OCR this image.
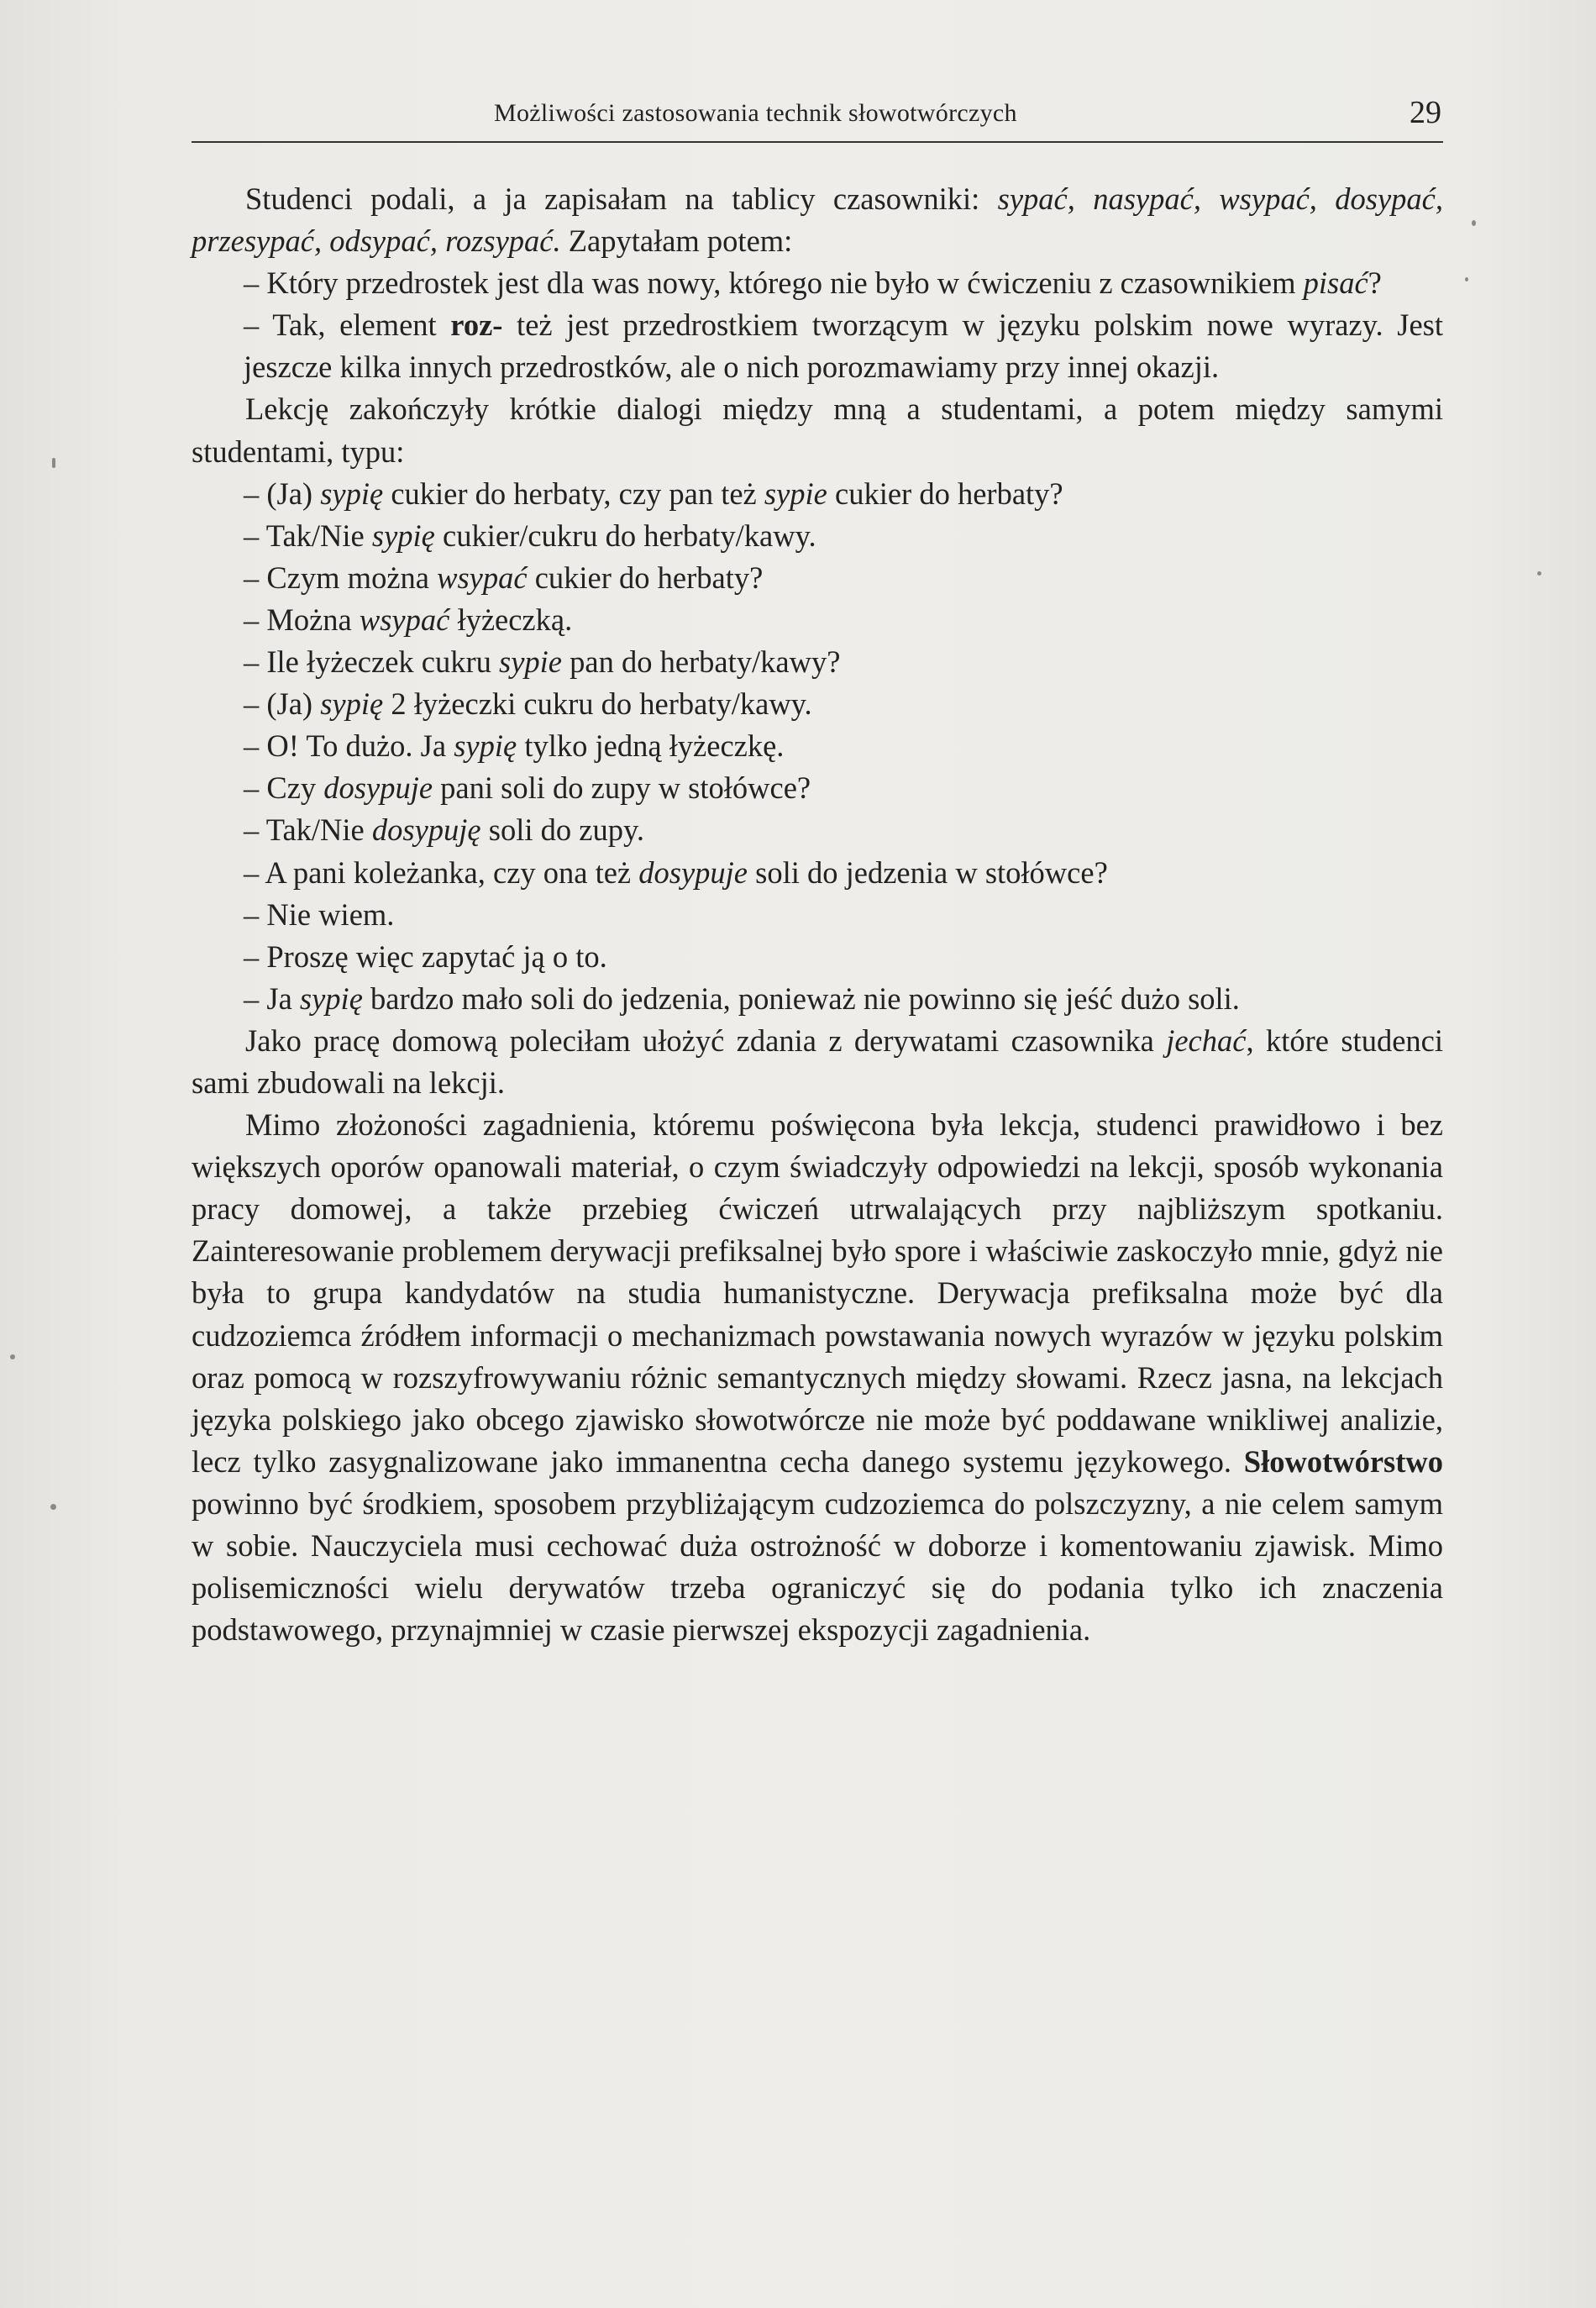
Możliwości zastosowania technik słowotwórczych	29

Studenci podali, a ja zapisałam na tablicy czasowniki: sypać, nasypać, wsypać, dosypać, przesypać, odsypać, rozsypać. Zapytałam potem:

– Który przedrostek jest dla was nowy, którego nie było w ćwiczeniu z czasownikiem pisać?

– Tak, element roz- też jest przedrostkiem tworzącym w języku polskim nowe wyrazy. Jest jeszcze kilka innych przedrostków, ale o nich porozmawiamy przy innej okazji.

Lekcję zakończyły krótkie dialogi między mną a studentami, a potem między samymi studentami, typu:

– (Ja) sypię cukier do herbaty, czy pan też sypie cukier do herbaty?

– Tak/Nie sypię cukier/cukru do herbaty/kawy.

– Czym można wsypać cukier do herbaty?

– Można wsypać łyżeczką.

– Ile łyżeczek cukru sypie pan do herbaty/kawy?

– (Ja) sypię 2 łyżeczki cukru do herbaty/kawy.

– O! To dużo. Ja sypię tylko jedną łyżeczkę.

– Czy dosypuje pani soli do zupy w stołówce?

– Tak/Nie dosypuję soli do zupy.

– A pani koleżanka, czy ona też dosypuje soli do jedzenia w stołówce?

– Nie wiem.

– Proszę więc zapytać ją o to.

– Ja sypię bardzo mało soli do jedzenia, ponieważ nie powinno się jeść dużo soli.

Jako pracę domową poleciłam ułożyć zdania z derywatami czasownika jechać, które studenci sami zbudowali na lekcji.

Mimo złożoności zagadnienia, któremu poświęcona była lekcja, studenci prawidłowo i bez większych oporów opanowali materiał, o czym świadczyły odpowiedzi na lekcji, sposób wykonania pracy domowej, a także przebieg ćwiczeń utrwalających przy najbliższym spotkaniu. Zainteresowanie problemem derywacji prefiksalnej było spore i właściwie zaskoczyło mnie, gdyż nie była to grupa kandydatów na studia humanistyczne. Derywacja prefiksalna może być dla cudzoziemca źródłem informacji o mechanizmach powstawania nowych wyrazów w języku polskim oraz pomocą w rozszyfrowywaniu różnic semantycznych między słowami. Rzecz jasna, na lekcjach języka polskiego jako obcego zjawisko słowotwórcze nie może być poddawane wnikliwej analizie, lecz tylko zasygnalizowane jako immanentna cecha danego systemu językowego. Słowotwórstwo powinno być środkiem, sposobem przybliżającym cudzoziemca do polszczyzny, a nie celem samym w sobie. Nauczyciela musi cechować duża ostrożność w doborze i komentowaniu zjawisk. Mimo polisemiczności wielu derywatów trzeba ograniczyć się do podania tylko ich znaczenia podstawowego, przynajmniej w czasie pierwszej ekspozycji zagadnienia.
